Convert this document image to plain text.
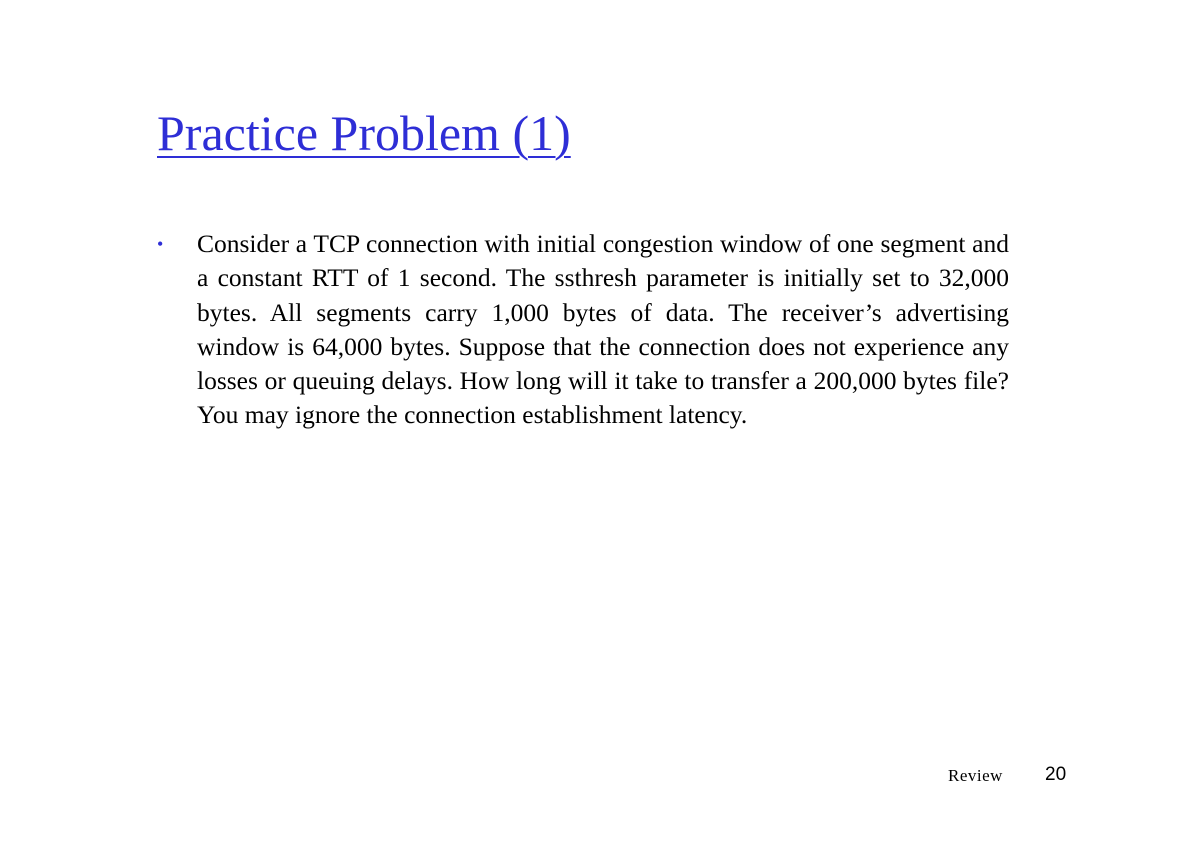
Practice Problem (1)
• Consider a TCP connection with initial congestion window of one segment and a constant RTT of 1 second. The ssthresh parameter is initially set to 32,000 bytes. All segments carry 1,000 bytes of data. The receiver’s advertising window is 64,000 bytes. Suppose that the connection does not experience any losses or queuing delays. How long will it take to transfer a 200,000 bytes file? You may ignore the connection establishment latency.

Review 20
